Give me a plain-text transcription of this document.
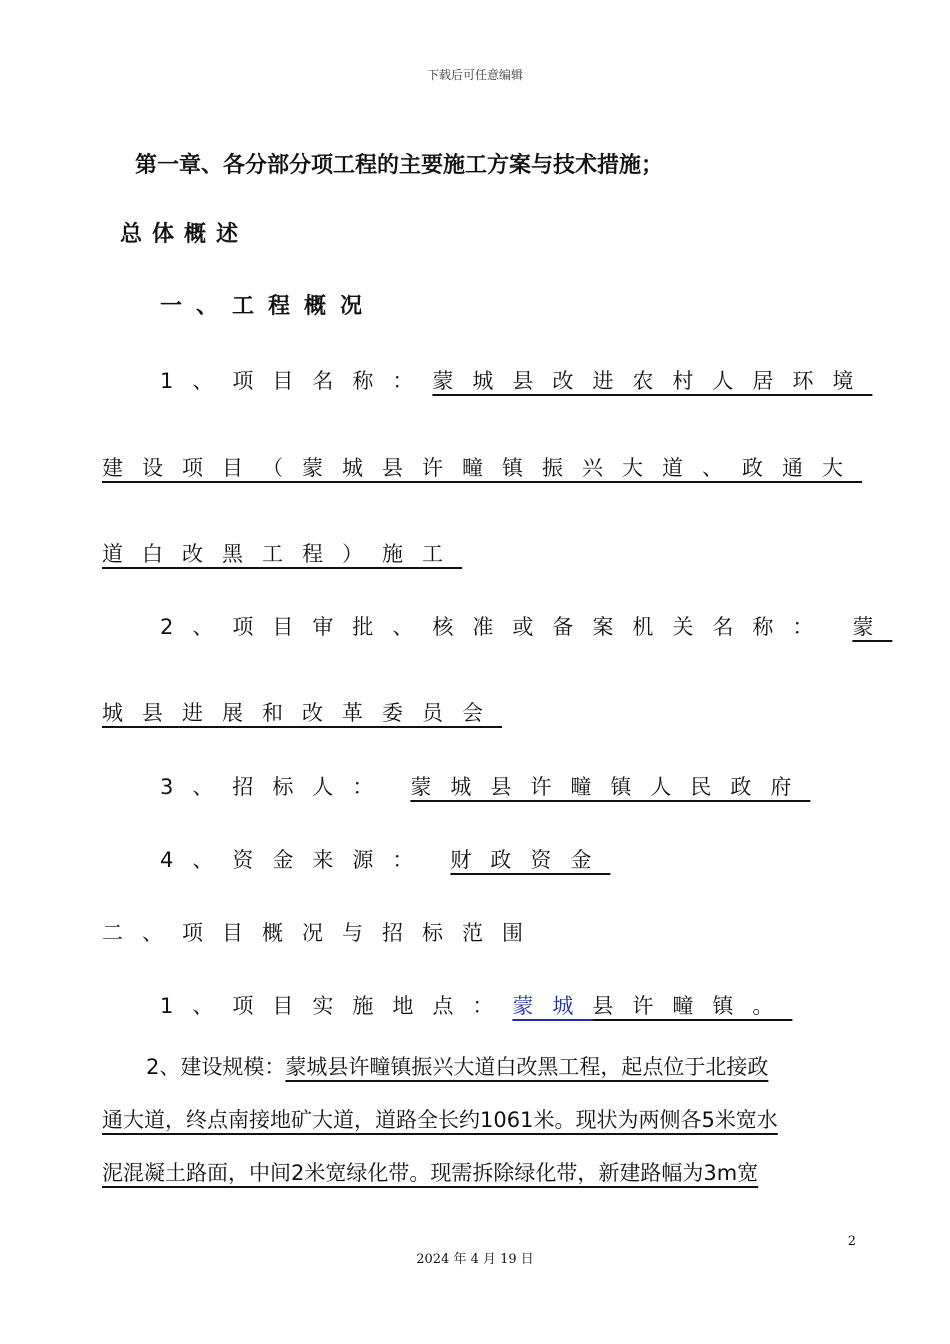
下载后可任意编辑
第一章、各分部分项工程的主要施工方案与技术措施；
总体概述
一、工程概况
1、项目名称：蒙城县改进农村人居环境
建设项目（蒙城县许疃镇振兴大道、政通大
道白改黑工程）施工
2、项目审批、核准或备案机关名称： 蒙
城县进展和改革委员会
3、招标人： 蒙城县许疃镇人民政府
4、资金来源： 财政资金
二、项目概况与招标范围
1、项目实施地点：蒙城县许疃镇。
2、建设规模：蒙城县许疃镇振兴大道白改黑工程，起点位于北接政
通大道，终点南接地矿大道，道路全长约1061米。现状为两侧各5米宽水
泥混凝土路面，中间2米宽绿化带。现需拆除绿化带，新建路幅为3m宽
2
2024 年 4 月 19 日
